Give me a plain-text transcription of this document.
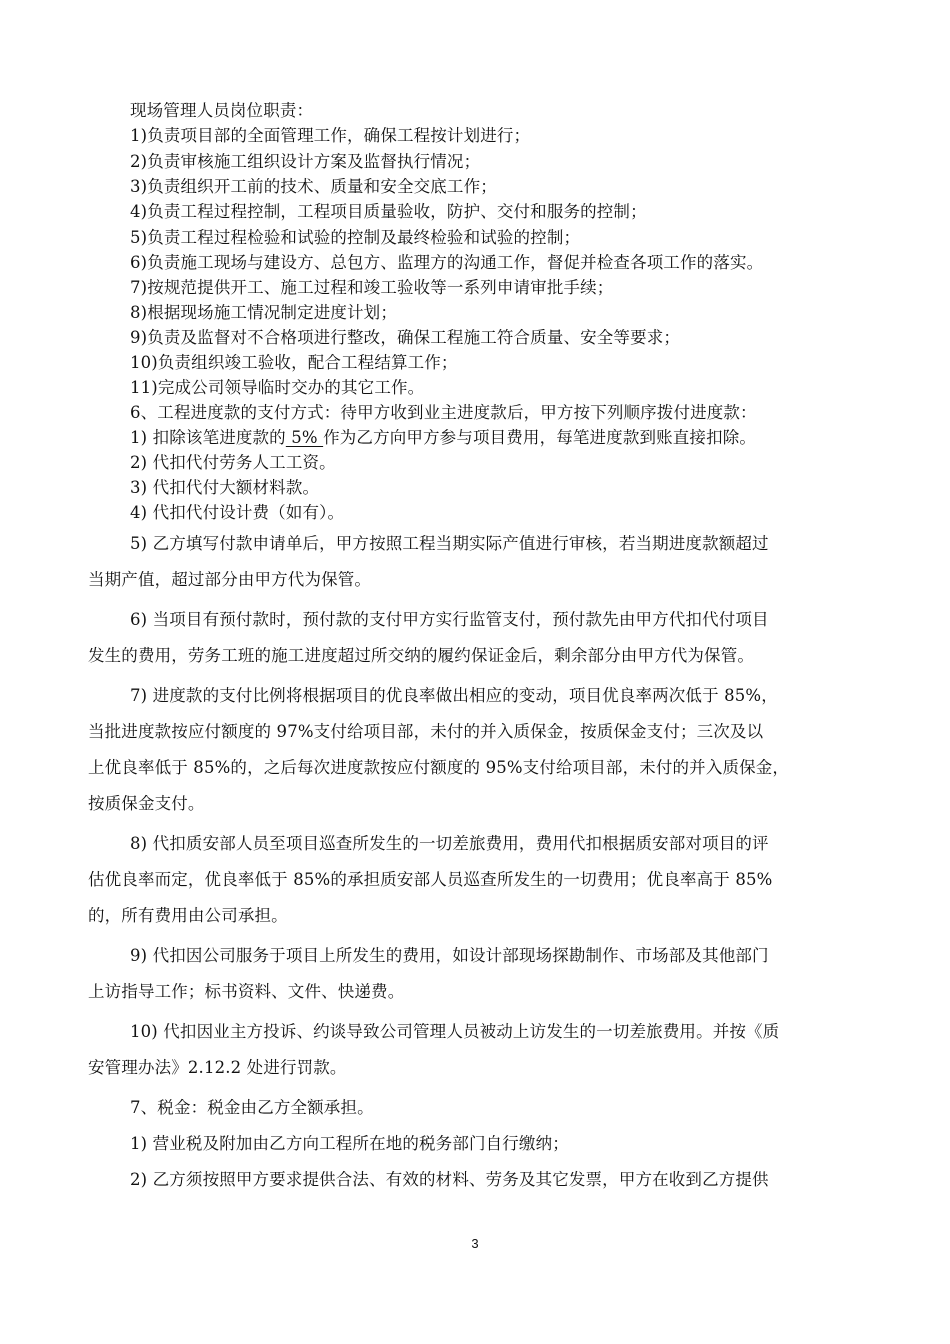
现场管理人员岗位职责：
1)负责项目部的全面管理工作，确保工程按计划进行；
2)负责审核施工组织设计方案及监督执行情况；
3)负责组织开工前的技术、质量和安全交底工作；
4)负责工程过程控制，工程项目质量验收，防护、交付和服务的控制；
5)负责工程过程检验和试验的控制及最终检验和试验的控制；
6)负责施工现场与建设方、总包方、监理方的沟通工作，督促并检查各项工作的落实。
7)按规范提供开工、施工过程和竣工验收等一系列申请审批手续；
8)根据现场施工情况制定进度计划；
9)负责及监督对不合格项进行整改，确保工程施工符合质量、安全等要求；
10)负责组织竣工验收，配合工程结算工作；
11)完成公司领导临时交办的其它工作。
6、工程进度款的支付方式：待甲方收到业主进度款后，甲方按下列顺序拨付进度款：
1) 扣除该笔进度款的 5% 作为乙方向甲方参与项目费用，每笔进度款到账直接扣除。
2) 代扣代付劳务人工工资。
3) 代扣代付大额材料款。
4) 代扣代付设计费（如有）。
5) 乙方填写付款申请单后，甲方按照工程当期实际产值进行审核，若当期进度款额超过
当期产值，超过部分由甲方代为保管。
6) 当项目有预付款时，预付款的支付甲方实行监管支付，预付款先由甲方代扣代付项目
发生的费用，劳务工班的施工进度超过所交纳的履约保证金后，剩余部分由甲方代为保管。
7) 进度款的支付比例将根据项目的优良率做出相应的变动，项目优良率两次低于 85%，
当批进度款按应付额度的 97%支付给项目部，未付的并入质保金，按质保金支付；三次及以
上优良率低于 85%的，之后每次进度款按应付额度的 95%支付给项目部，未付的并入质保金，
按质保金支付。
8) 代扣质安部人员至项目巡查所发生的一切差旅费用，费用代扣根据质安部对项目的评
估优良率而定，优良率低于 85%的承担质安部人员巡查所发生的一切费用；优良率高于 85%
的，所有费用由公司承担。
9) 代扣因公司服务于项目上所发生的费用，如设计部现场探勘制作、市场部及其他部门
上访指导工作；标书资料、文件、快递费。
10) 代扣因业主方投诉、约谈导致公司管理人员被动上访发生的一切差旅费用。并按《质
安管理办法》2.12.2 处进行罚款。
7、税金：税金由乙方全额承担。
1) 营业税及附加由乙方向工程所在地的税务部门自行缴纳；
2) 乙方须按照甲方要求提供合法、有效的材料、劳务及其它发票，甲方在收到乙方提供
3
